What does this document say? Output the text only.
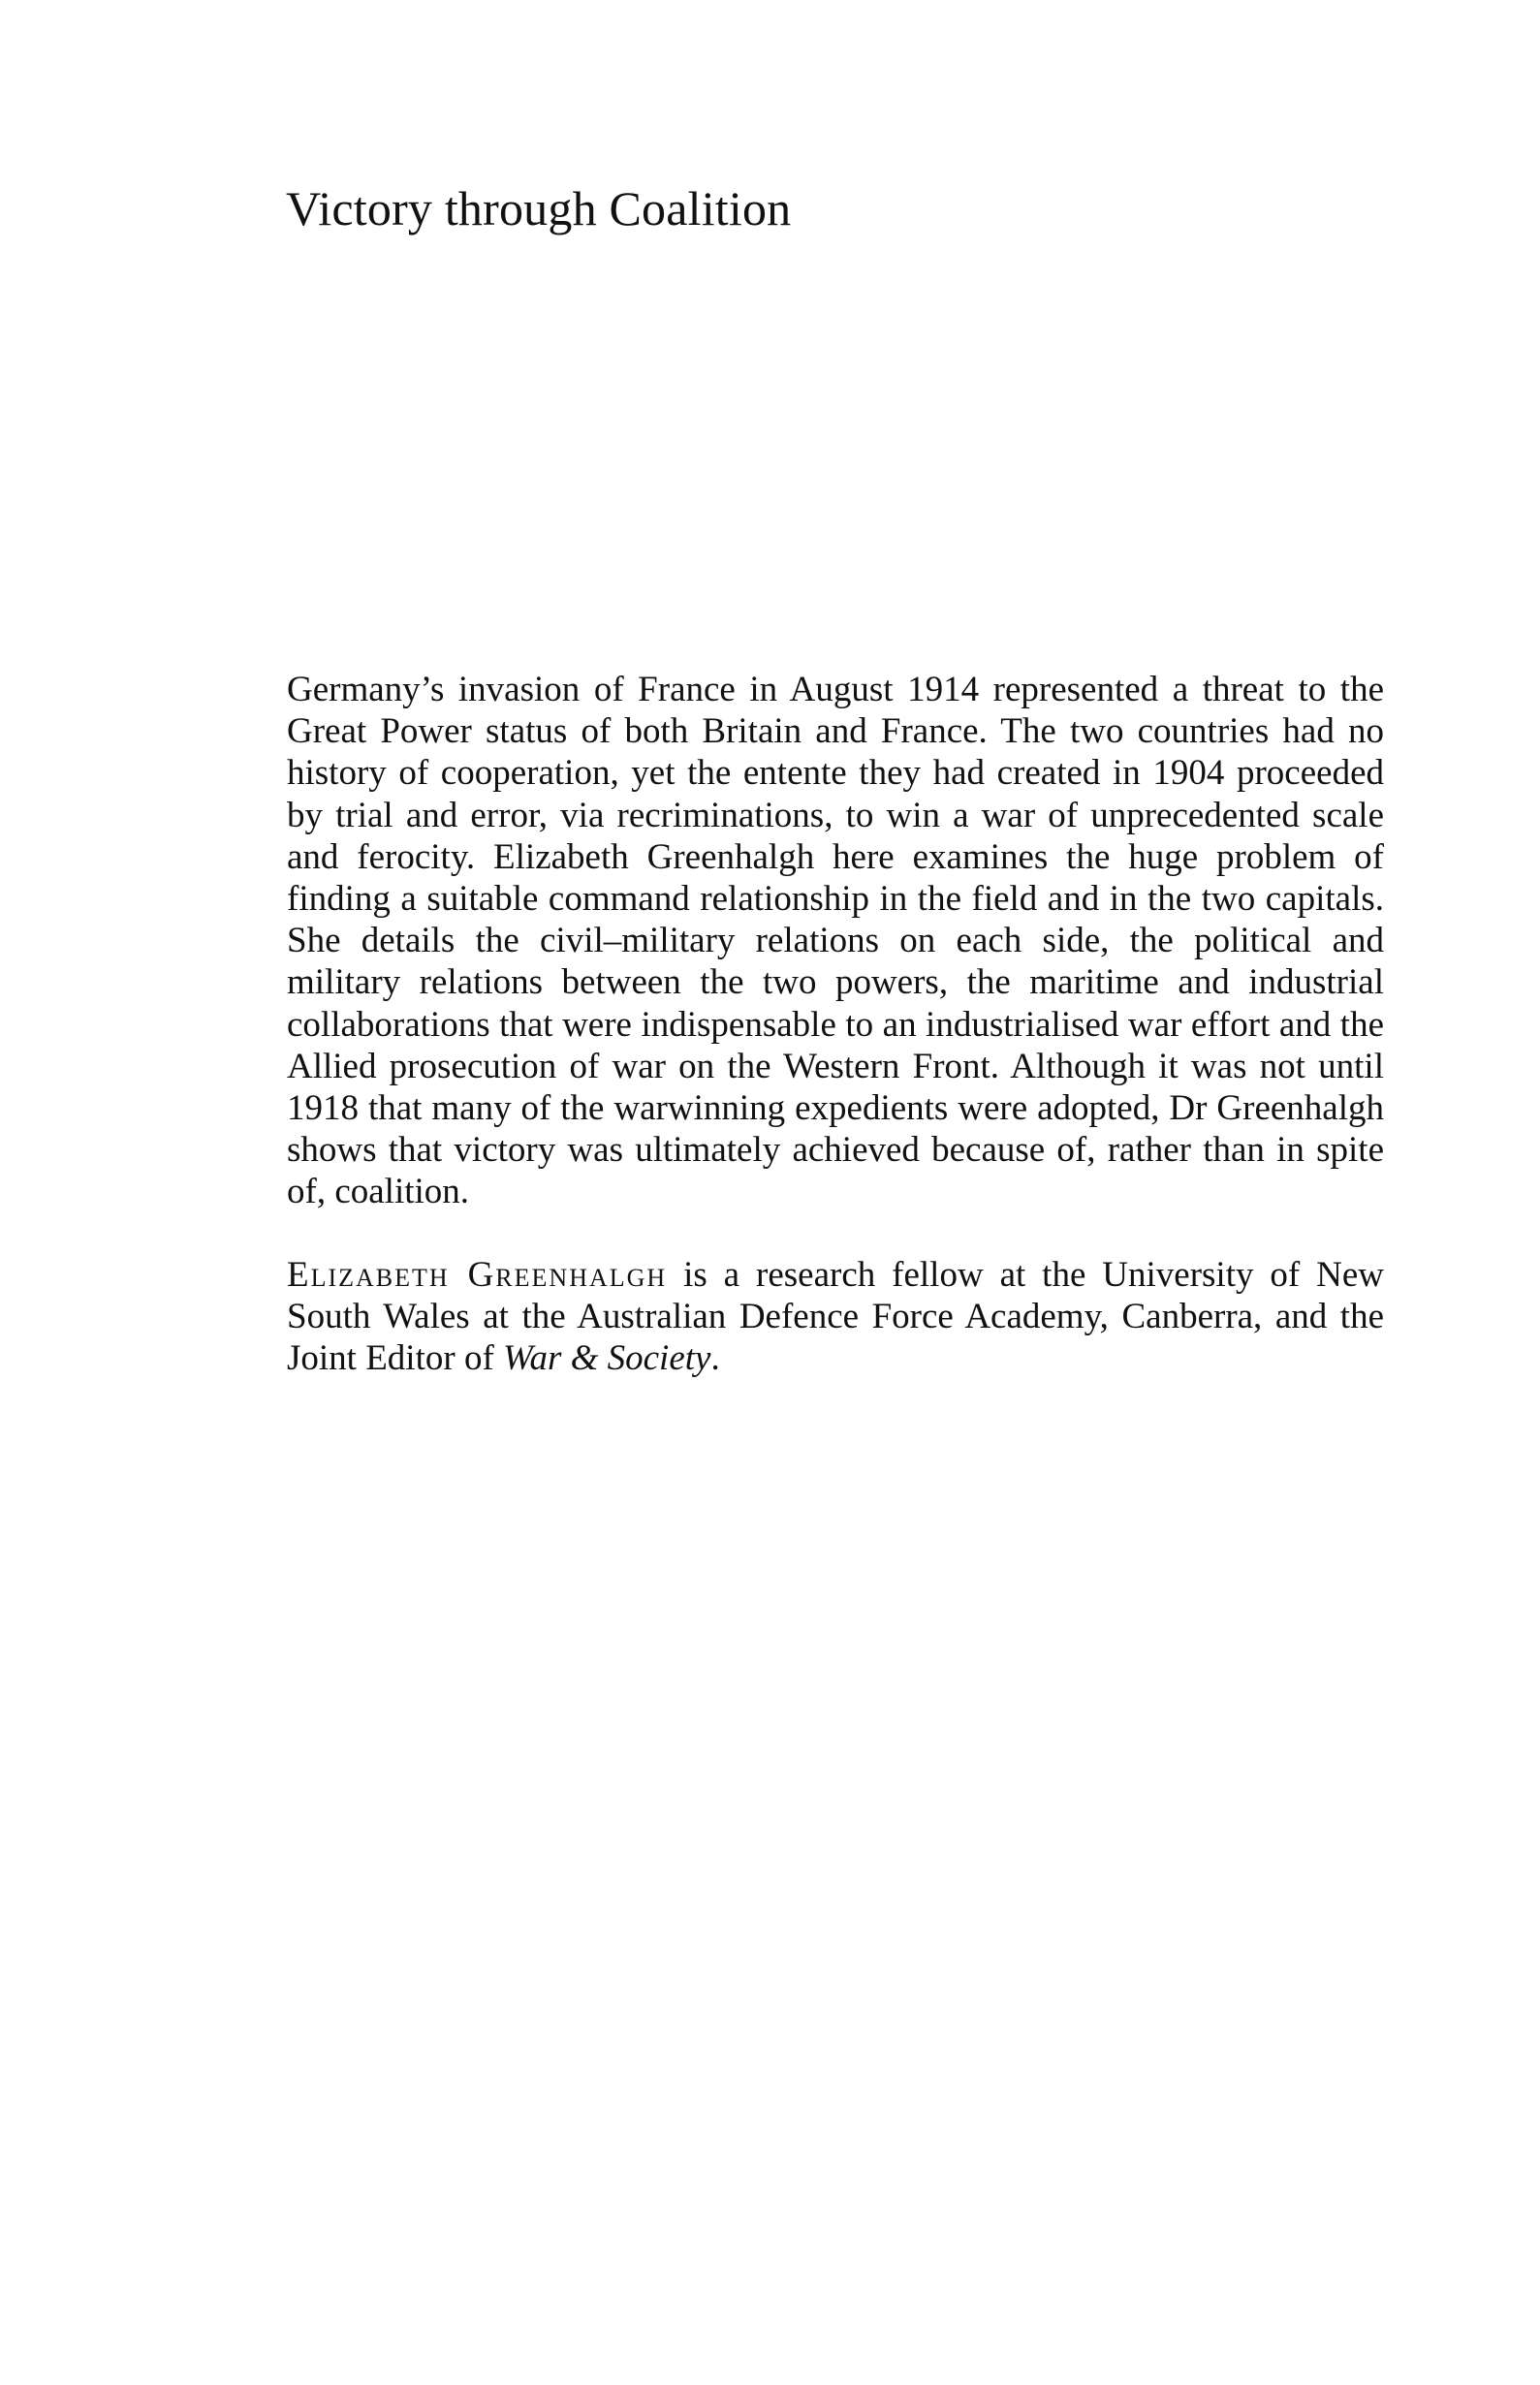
Victory through Coalition

Germany’s invasion of France in August 1914 represented a threat to the Great Power status of both Britain and France. The two countries had no history of cooperation, yet the entente they had created in 1904 proceeded by trial and error, via recriminations, to win a war of unprecedented scale and ferocity. Elizabeth Greenhalgh here examines the huge problem of finding a suitable command relationship in the field and in the two capitals. She details the civil–military relations on each side, the political and military relations between the two powers, the maritime and industrial collaborations that were indispensable to an industrialised war effort and the Allied prosecution of war on the Western Front. Although it was not until 1918 that many of the warwinning expedients were adopted, Dr Greenhalgh shows that victory was ultimately achieved because of, rather than in spite of, coalition.

Elizabeth Greenhalgh is a research fellow at the University of New South Wales at the Australian Defence Force Academy, Canberra, and the Joint Editor of War & Society.
